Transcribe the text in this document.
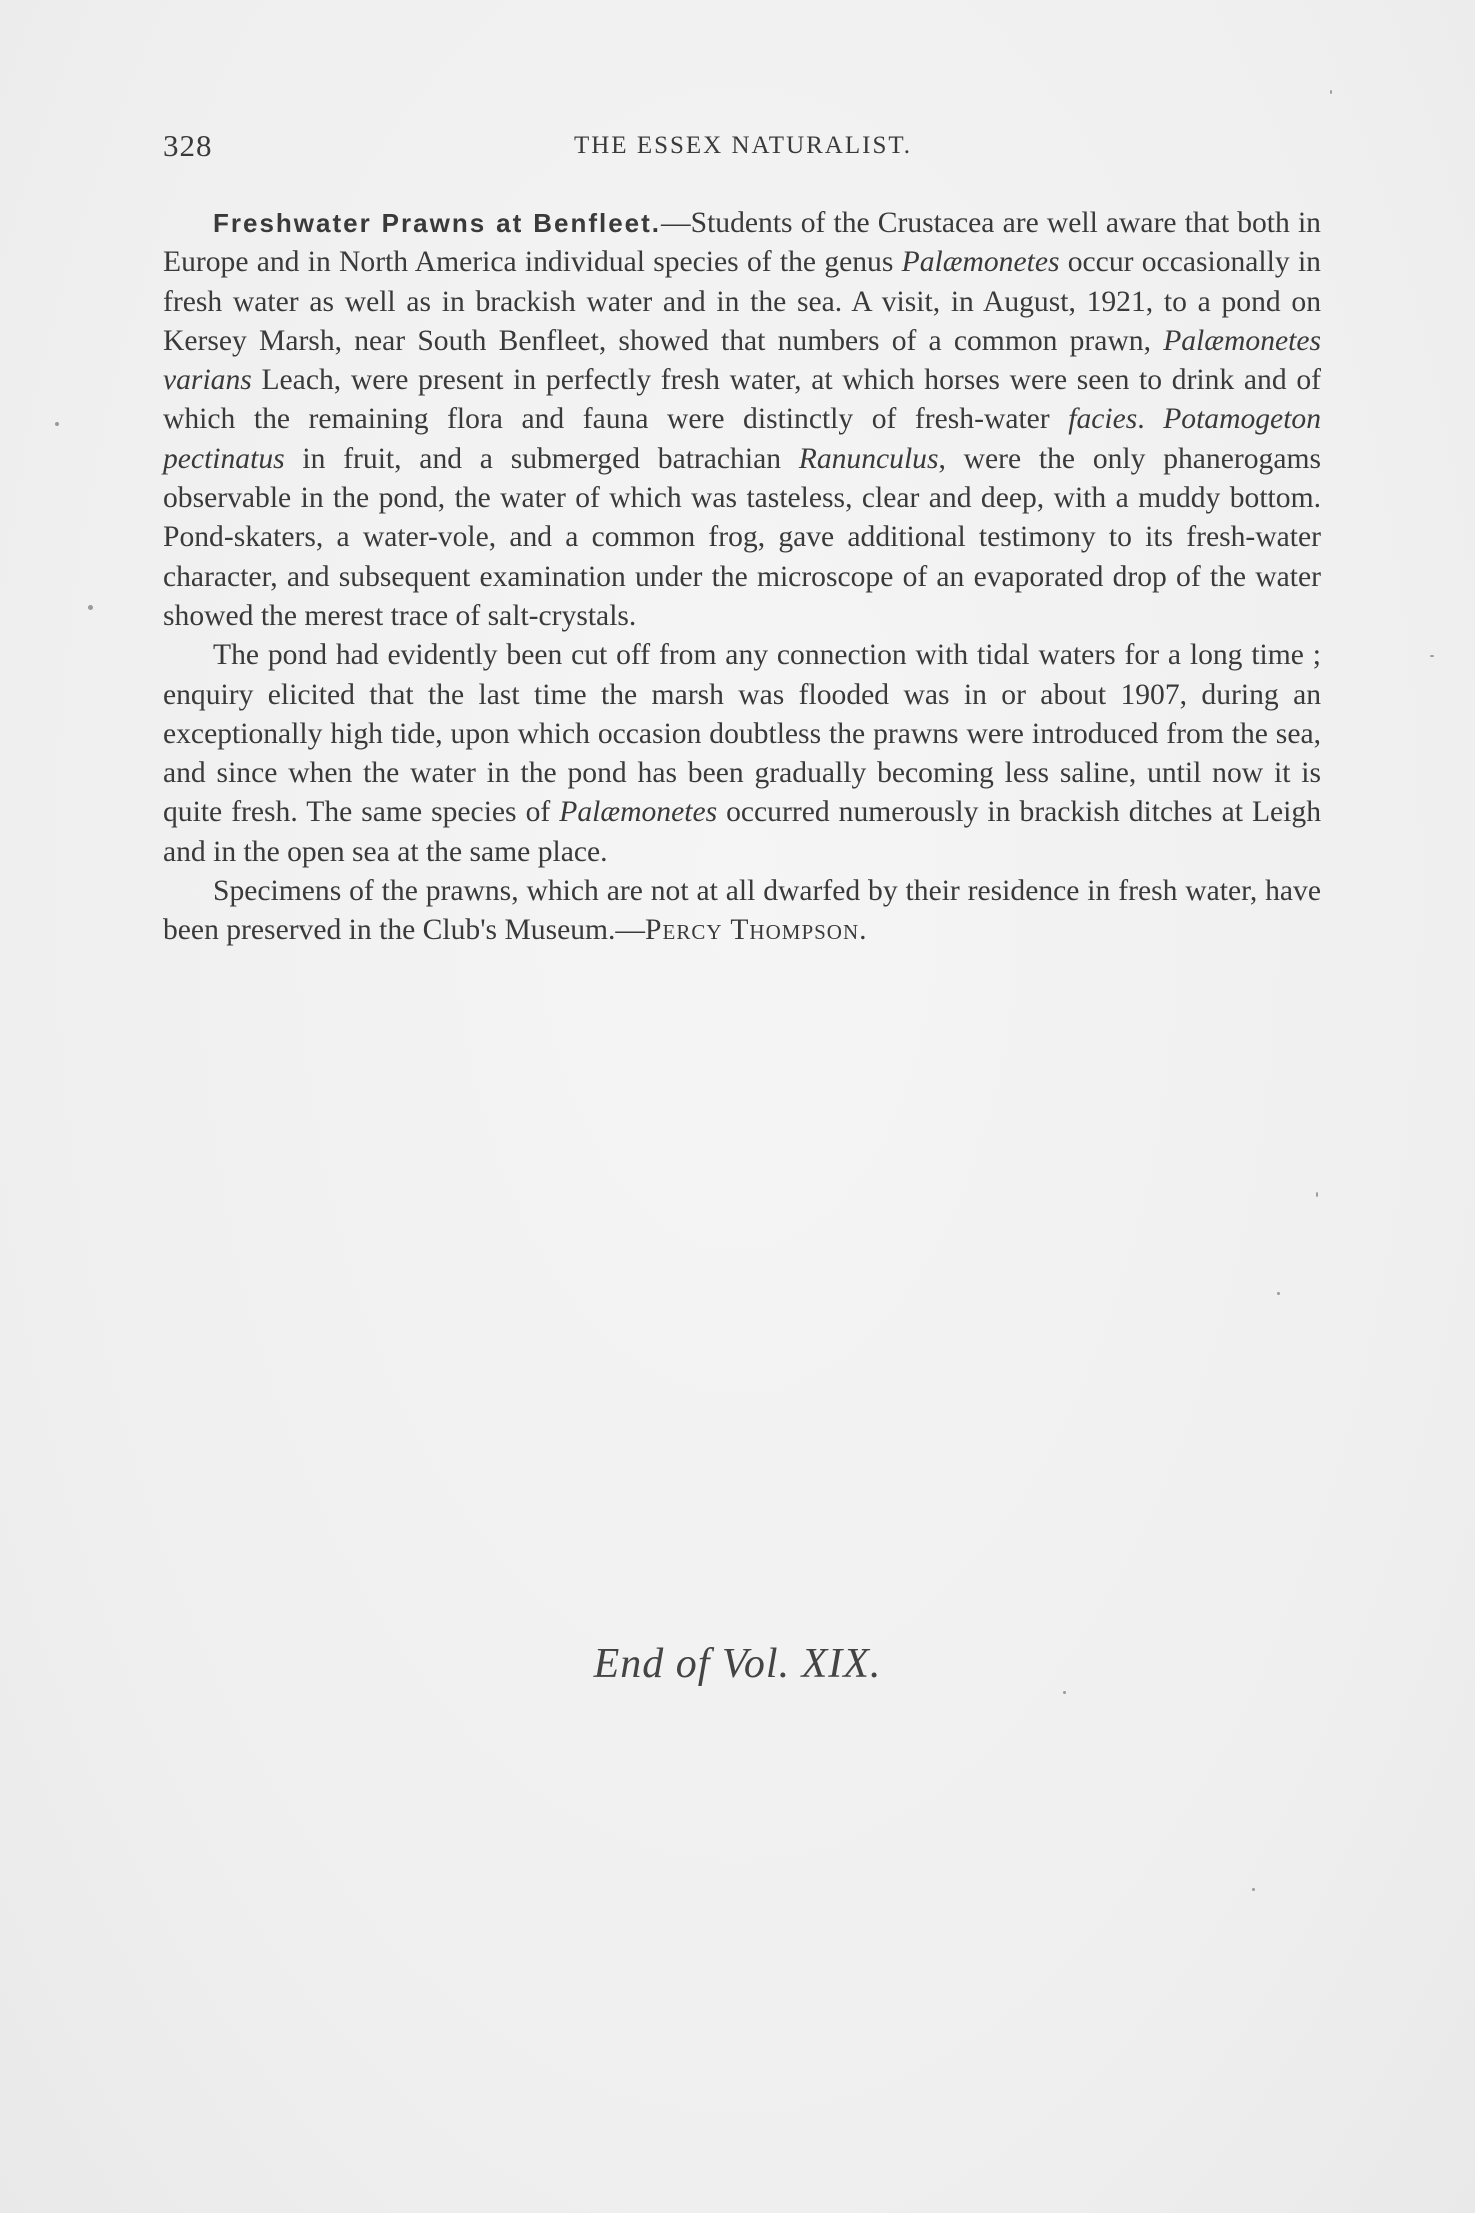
328	THE ESSEX NATURALIST.

Freshwater Prawns at Benfleet.—Students of the Crustacea are well aware that both in Europe and in North America individual species of the genus Palæmonetes occur occasionally in fresh water as well as in brackish water and in the sea. A visit, in August, 1921, to a pond on Kersey Marsh, near South Benfleet, showed that numbers of a common prawn, Palæmonetes varians Leach, were present in perfectly fresh water, at which horses were seen to drink and of which the remaining flora and fauna were distinctly of fresh-water facies. Potamogeton pectinatus in fruit, and a submerged batrachian Ranunculus, were the only phanerogams observable in the pond, the water of which was tasteless, clear and deep, with a muddy bottom. Pond-skaters, a water-vole, and a common frog, gave additional testimony to its fresh-water character, and subsequent examination under the microscope of an evaporated drop of the water showed the merest trace of salt-crystals.

The pond had evidently been cut off from any connection with tidal waters for a long time ; enquiry elicited that the last time the marsh was flooded was in or about 1907, during an exceptionally high tide, upon which occasion doubtless the prawns were introduced from the sea, and since when the water in the pond has been gradually becoming less saline, until now it is quite fresh. The same species of Palæmonetes occurred numerously in brackish ditches at Leigh and in the open sea at the same place.

Specimens of the prawns, which are not at all dwarfed by their residence in fresh water, have been preserved in the Club's Museum.—Percy Thompson.

End of Vol. XIX.
